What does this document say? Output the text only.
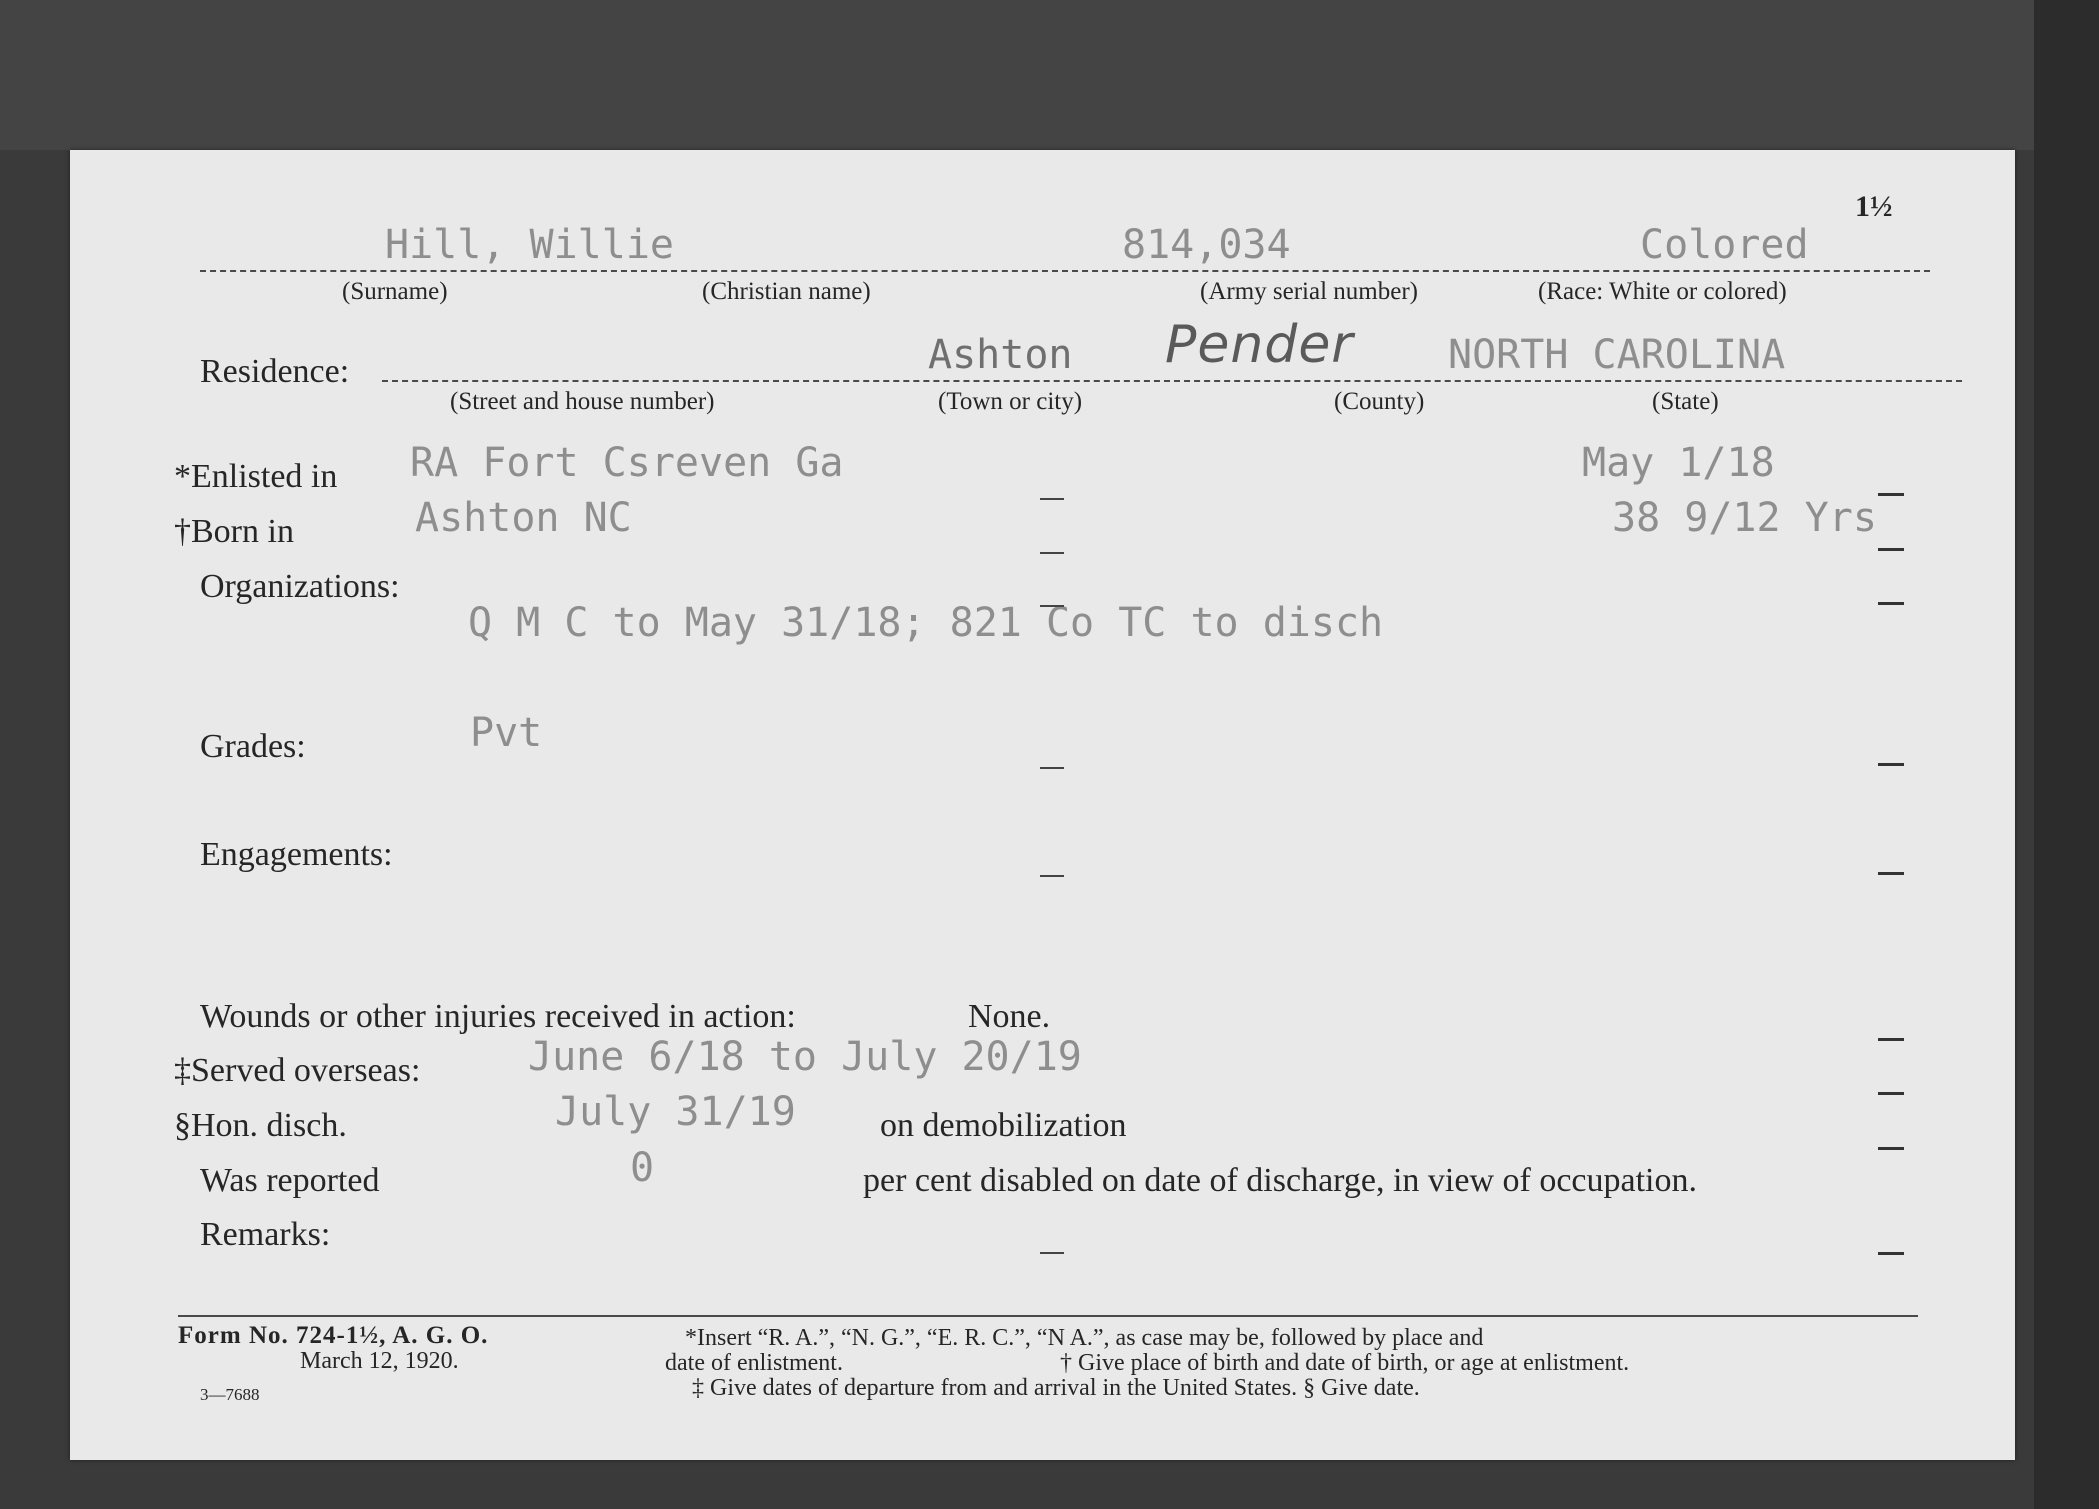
1½
Hill, Willie	814,034	Colored
(Surname)	(Christian name)	(Army serial number)	(Race: White or colored)
Residence:	Ashton Pender NORTH CAROLINA
(Street and house number)	(Town or city)	(County)	(State)
*Enlisted in RA Fort Csreven Ga	May 1/18
†Born in	Ashton NC	38 9/12 Yrs
Organizations:
Q M C to May 31/18; 821 Co TC to disch
Grades:	Pvt
Engagements:
Wounds or other injuries received in action:	None.
‡Served overseas:	June 6/18 to July 20/19
§Hon. disch.	July 31/19 on demobilization
Was reported	0	per cent disabled on date of discharge, in view of occupation.
Remarks:
Form No. 724-1½, A. G. O.
March 12, 1920.
3—7688
*Insert “R. A.”, “N. G.”, “E. R. C.”, “N A.”, as case may be, followed by place and
date of enlistment.	† Give place of birth and date of birth, or age at enlistment.
‡ Give dates of departure from and arrival in the United States. § Give date.
